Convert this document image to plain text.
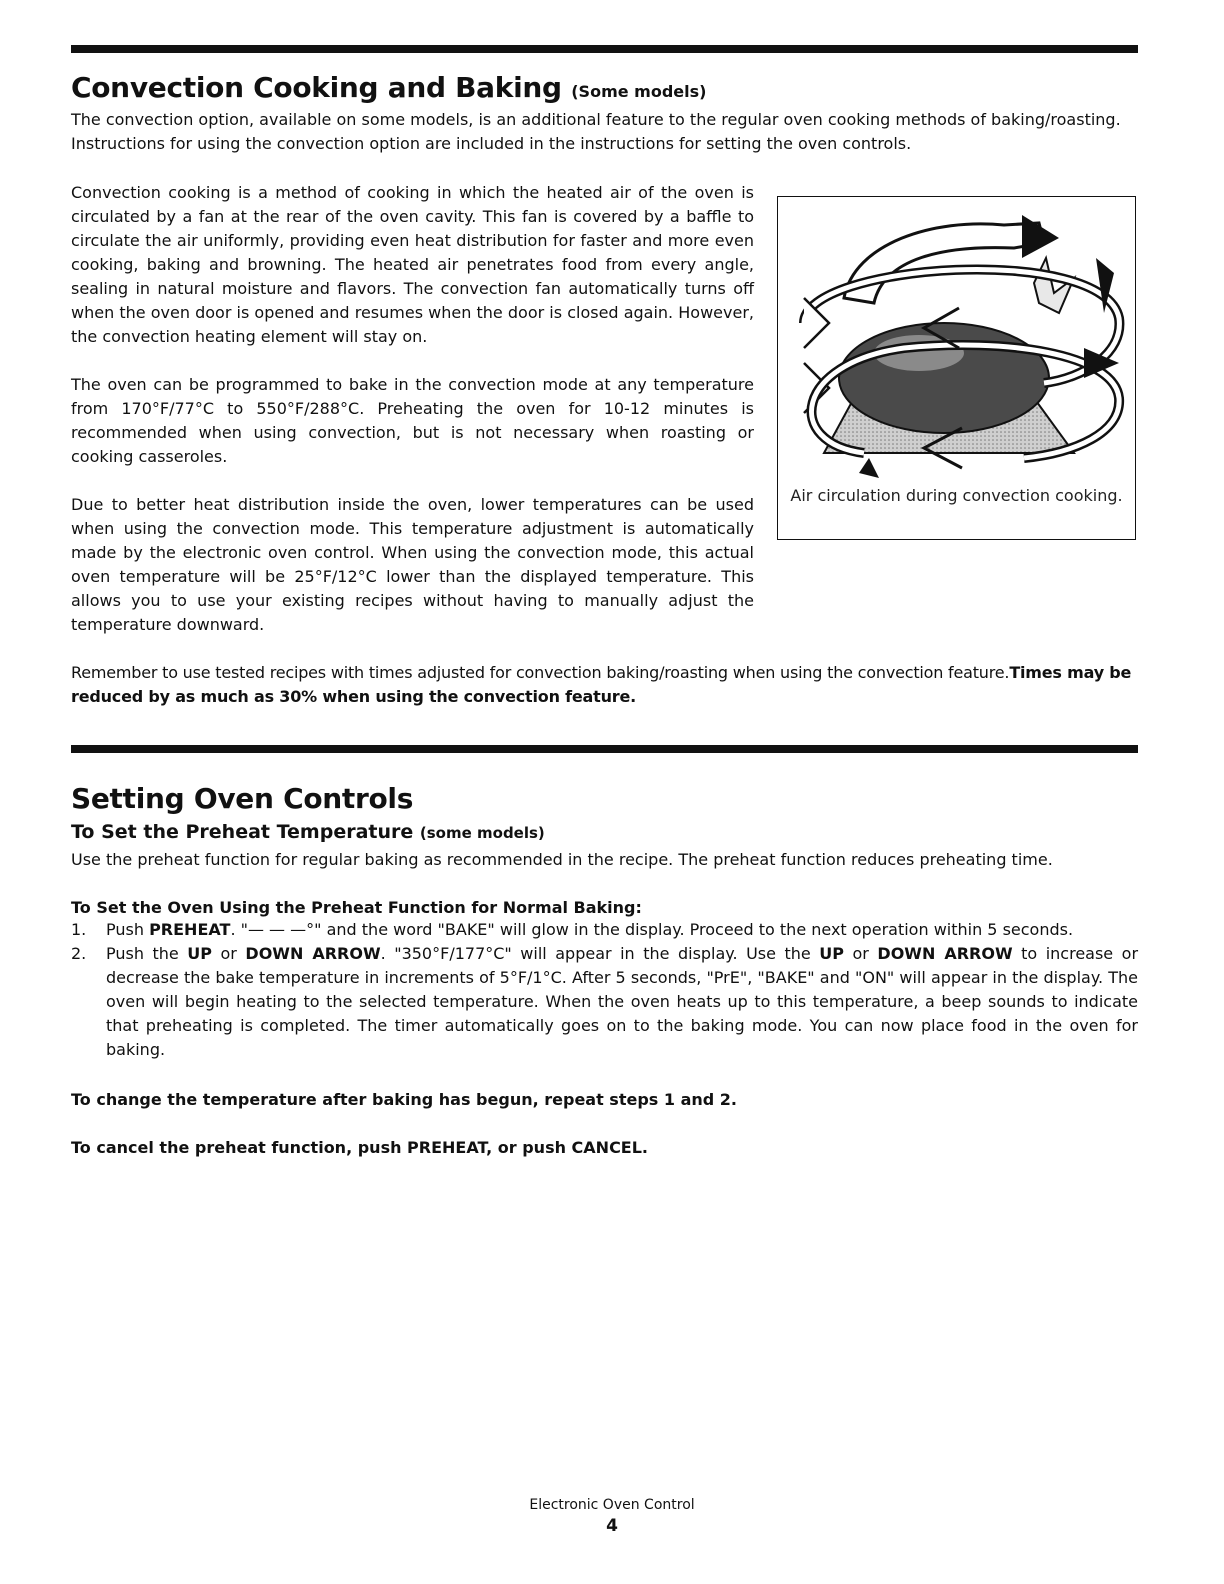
Convection Cooking and Baking (Some models)

The convection option, available on some models, is an additional feature to the regular oven cooking methods of baking/roasting. Instructions for using the convection option are included in the instructions for setting the oven controls.

Convection cooking is a method of cooking in which the heated air of the oven is circulated by a fan at the rear of the oven cavity. This fan is covered by a baffle to circulate the air uniformly, providing even heat distribution for faster and more even cooking, baking and browning. The heated air penetrates food from every angle, sealing in natural moisture and flavors. The convection fan automatically turns off when the oven door is opened and resumes when the door is closed again. However, the convection heating element will stay on.

The oven can be programmed to bake in the convection mode at any temperature from 170°F/77°C to 550°F/288°C. Preheating the oven for 10-12 minutes is recommended when using convection, but is not necessary when roasting or cooking casseroles.

Due to better heat distribution inside the oven, lower temperatures can be used when using the convection mode. This temperature adjustment is automatically made by the electronic oven control. When using the convection mode, this actual oven temperature will be 25°F/12°C lower than the displayed temperature. This allows you to use your existing recipes without having to manually adjust the temperature downward.

Air circulation during convection cooking.

Remember to use tested recipes with times adjusted for convection baking/roasting when using the convection feature.Times may be reduced by as much as 30% when using the convection feature.

Setting Oven Controls
To Set the Preheat Temperature (some models)

Use the preheat function for regular baking as recommended in the recipe. The preheat function reduces preheating time.

To Set the Oven Using the Preheat Function for Normal Baking:

1. Push PREHEAT. "— — —°" and the word "BAKE" will glow in the display. Proceed to the next operation within 5 seconds.
2. Push the UP or DOWN ARROW. "350°F/177°C" will appear in the display. Use the UP or DOWN ARROW to increase or decrease the bake temperature in increments of 5°F/1°C. After 5 seconds, "PrE", "BAKE" and "ON" will appear in the display. The oven will begin heating to the selected temperature. When the oven heats up to this temperature, a beep sounds to indicate that preheating is completed. The timer automatically goes on to the baking mode. You can now place food in the oven for baking.

To change the temperature after baking has begun, repeat steps 1 and 2.

To cancel the preheat function, push PREHEAT, or push CANCEL.

Electronic Oven Control
4
